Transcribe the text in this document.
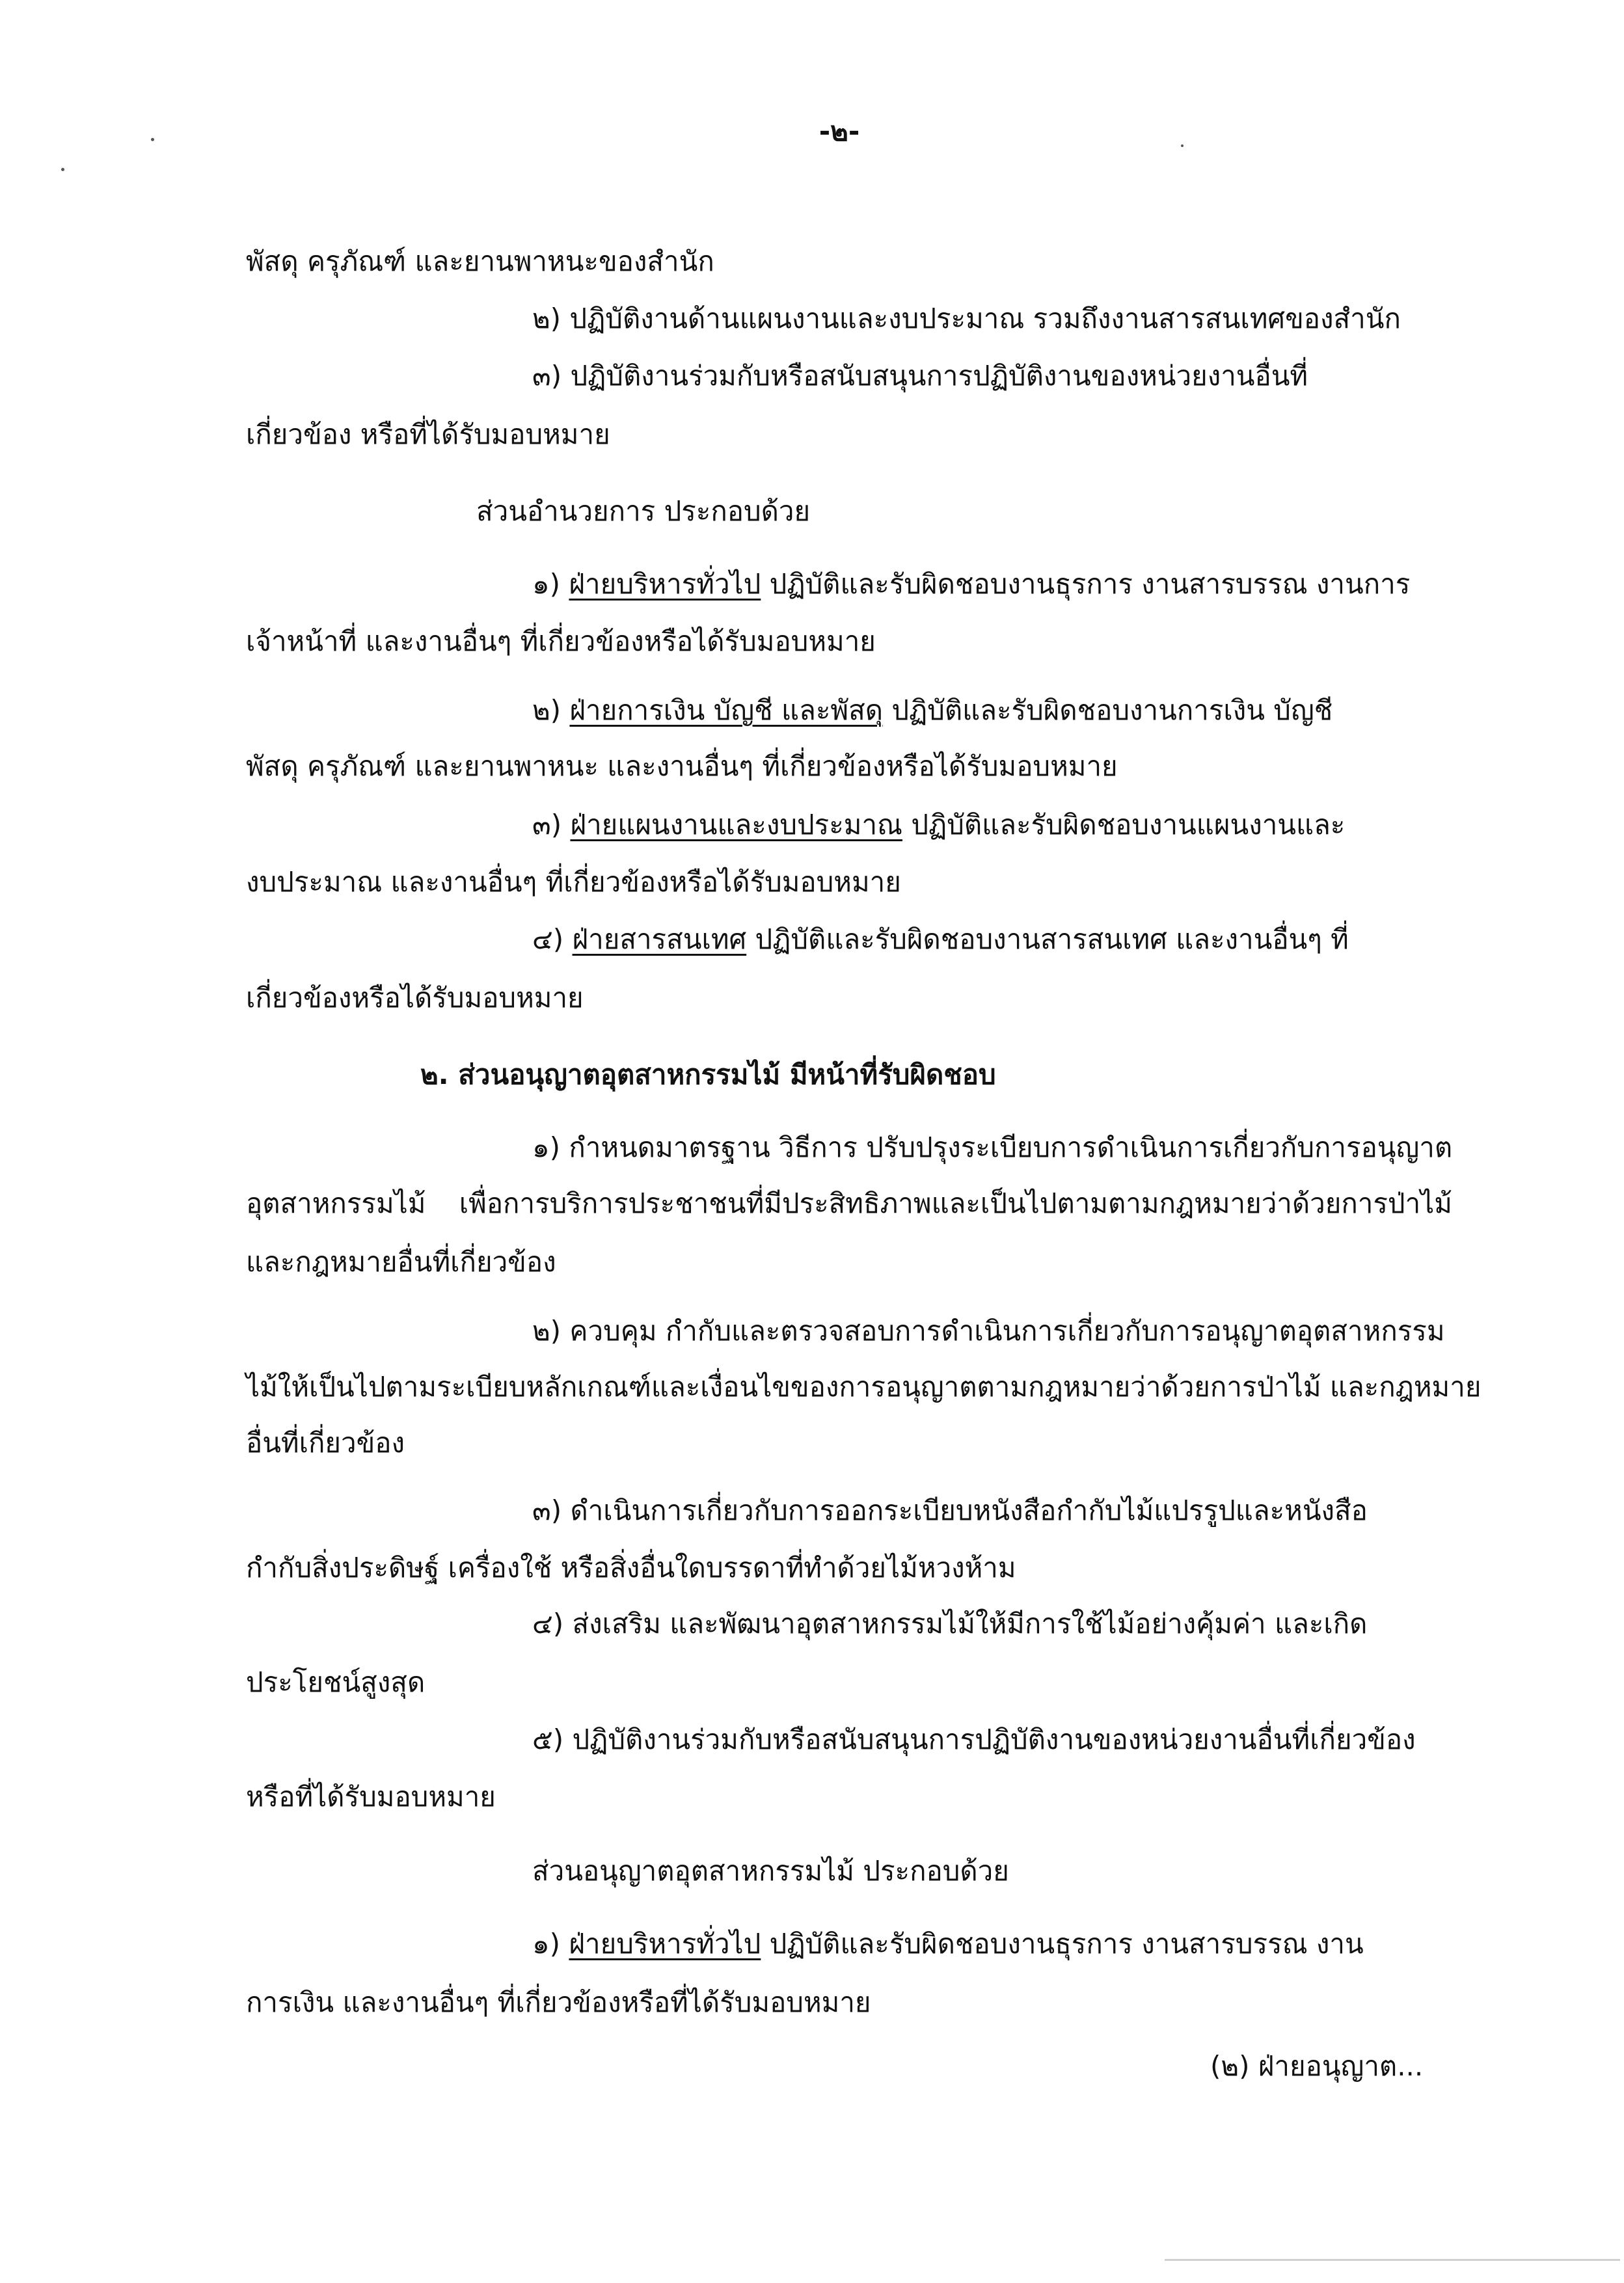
-๒-
พัสดุ ครุภัณฑ์ และยานพาหนะของสำนัก
๒) ปฏิบัติงานด้านแผนงานและงบประมาณ รวมถึงงานสารสนเทศของสำนัก
๓) ปฏิบัติงานร่วมกับหรือสนับสนุนการปฏิบัติงานของหน่วยงานอื่นที่
เกี่ยวข้อง หรือที่ได้รับมอบหมาย
ส่วนอำนวยการ ประกอบด้วย
๑) ฝ่ายบริหารทั่วไป ปฏิบัติและรับผิดชอบงานธุรการ งานสารบรรณ งานการ
เจ้าหน้าที่ และงานอื่นๆ ที่เกี่ยวข้องหรือได้รับมอบหมาย
๒) ฝ่ายการเงิน บัญชี และพัสดุ ปฏิบัติและรับผิดชอบงานการเงิน บัญชี
พัสดุ ครุภัณฑ์ และยานพาหนะ และงานอื่นๆ ที่เกี่ยวข้องหรือได้รับมอบหมาย
๓) ฝ่ายแผนงานและงบประมาณ ปฏิบัติและรับผิดชอบงานแผนงานและ
งบประมาณ และงานอื่นๆ ที่เกี่ยวข้องหรือได้รับมอบหมาย
๔) ฝ่ายสารสนเทศ ปฏิบัติและรับผิดชอบงานสารสนเทศ และงานอื่นๆ ที่
เกี่ยวข้องหรือได้รับมอบหมาย
๒. ส่วนอนุญาตอุตสาหกรรมไม้ มีหน้าที่รับผิดชอบ
๑) กำหนดมาตรฐาน วิธีการ ปรับปรุงระเบียบการดำเนินการเกี่ยวกับการอนุญาต
อุตสาหกรรมไม้ เพื่อการบริการประชาชนที่มีประสิทธิภาพและเป็นไปตามตามกฎหมายว่าด้วยการป่าไม้
และกฎหมายอื่นที่เกี่ยวข้อง
๒) ควบคุม กำกับและตรวจสอบการดำเนินการเกี่ยวกับการอนุญาตอุตสาหกรรม
ไม้ให้เป็นไปตามระเบียบหลักเกณฑ์และเงื่อนไขของการอนุญาตตามกฎหมายว่าด้วยการป่าไม้ และกฎหมาย
อื่นที่เกี่ยวข้อง
๓) ดำเนินการเกี่ยวกับการออกระเบียบหนังสือกำกับไม้แปรรูปและหนังสือ
กำกับสิ่งประดิษฐ์ เครื่องใช้ หรือสิ่งอื่นใดบรรดาที่ทำด้วยไม้หวงห้าม
๔) ส่งเสริม และพัฒนาอุตสาหกรรมไม้ให้มีการใช้ไม้อย่างคุ้มค่า และเกิด
ประโยชน์สูงสุด
๕) ปฏิบัติงานร่วมกับหรือสนับสนุนการปฏิบัติงานของหน่วยงานอื่นที่เกี่ยวข้อง
หรือที่ได้รับมอบหมาย
ส่วนอนุญาตอุตสาหกรรมไม้ ประกอบด้วย
๑) ฝ่ายบริหารทั่วไป ปฏิบัติและรับผิดชอบงานธุรการ งานสารบรรณ งาน
การเงิน และงานอื่นๆ ที่เกี่ยวข้องหรือที่ได้รับมอบหมาย
(๒) ฝ่ายอนุญาต...
